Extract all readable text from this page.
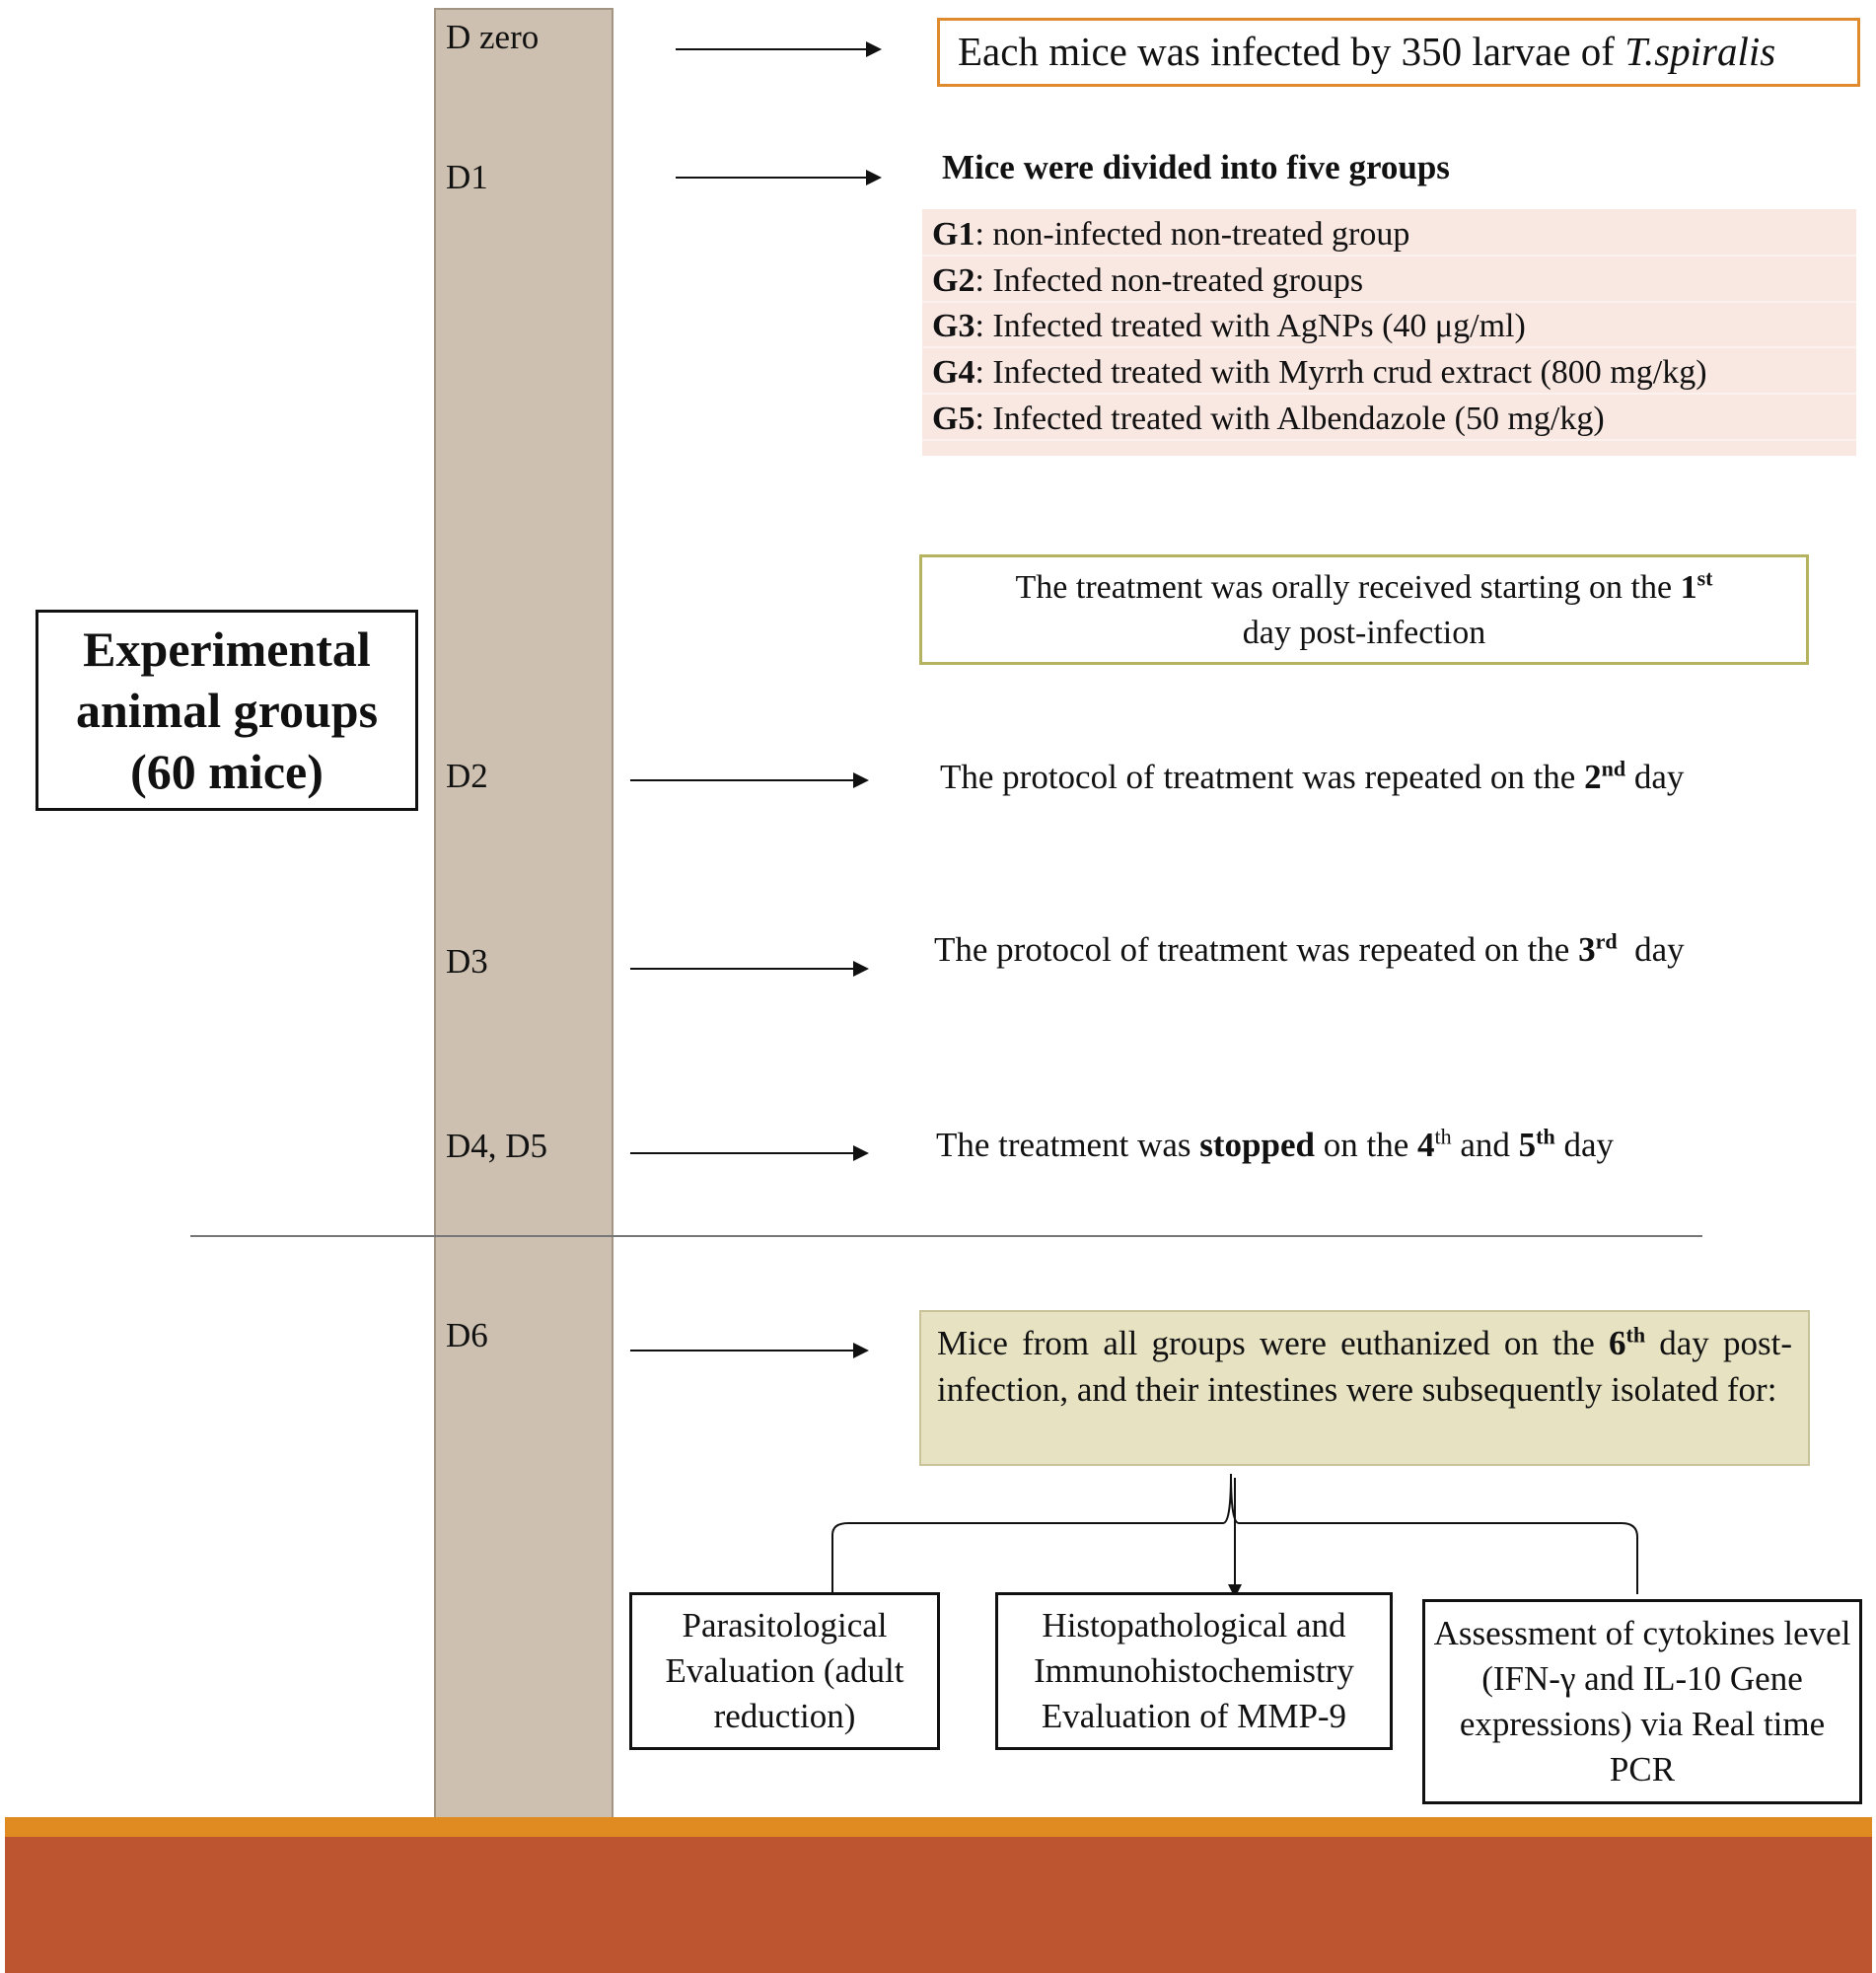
D zero
D1
D2
D3
D4, D5
D6
Experimental animal groups (60 mice)
Each mice was infected by 350 larvae of T.spiralis
Mice were divided into five groups
G1: non-infected non-treated group
G2: Infected non-treated groups
G3: Infected treated with AgNPs (40 μg/ml)
G4: Infected treated with Myrrh crud extract (800 mg/kg)
G5: Infected treated with Albendazole (50 mg/kg)
The treatment was orally received starting on the 1st
day post-infection
The protocol of treatment was repeated on the 2nd day
The protocol of treatment was repeated on the 3rd  day
The treatment was stopped on the 4th and 5th day
Mice from all groups were euthanized on the 6th day post-infection, and their intestines were subsequently isolated for:
Parasitological Evaluation (adult reduction)
Histopathological and Immunohistochemistry Evaluation of MMP-9
Assessment of cytokines level (IFN-γ and IL-10 Gene expressions) via Real time PCR
